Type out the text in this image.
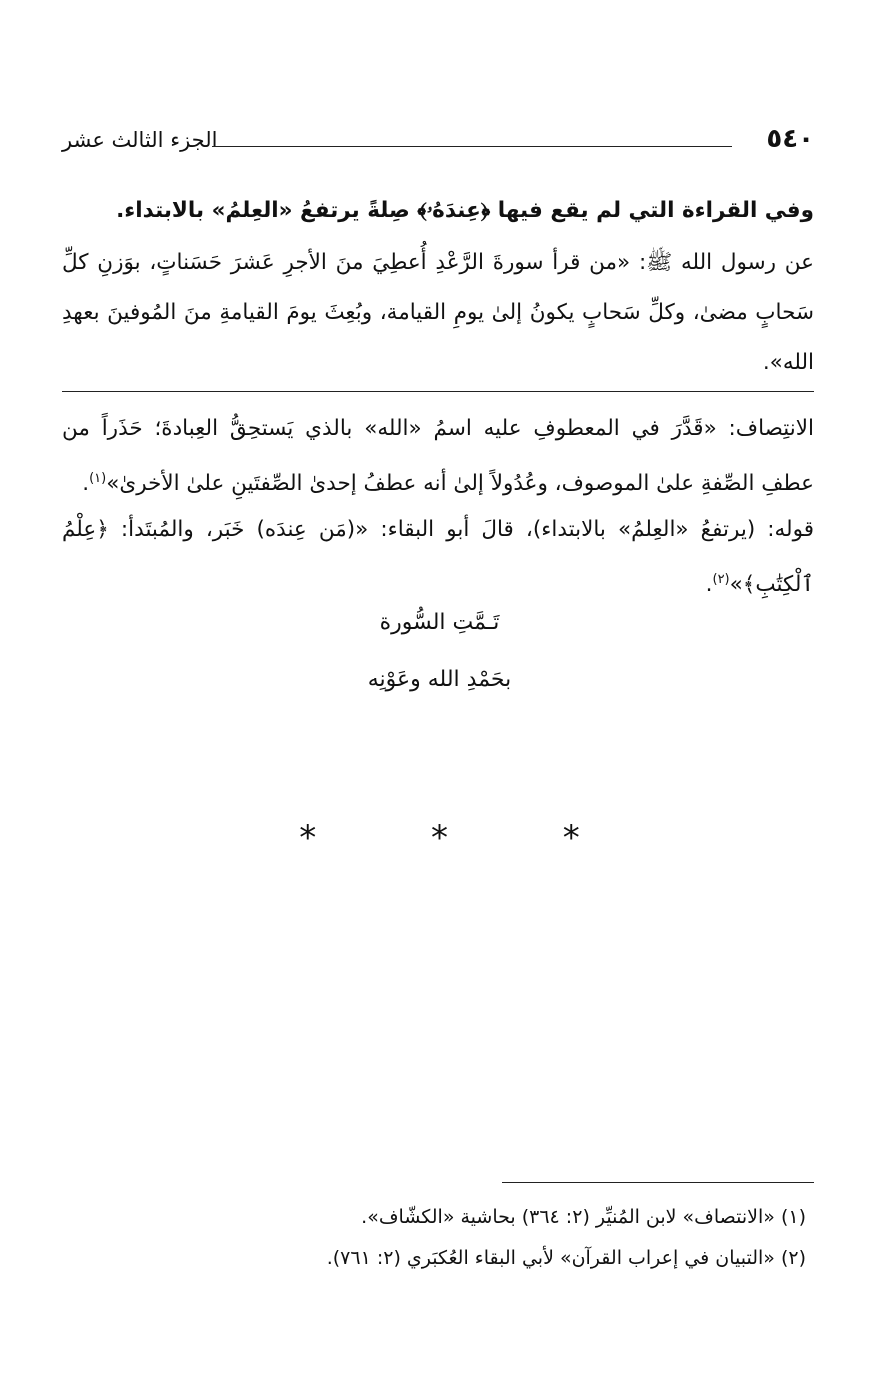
الجزء الثالث عشر	٥٤٠

وفي القراءة التي لم يقع فيها ﴿عِندَهُۥ﴾ صِلةً يرتفعُ «العِلمُ» بالابتداء.

عن رسول الله ﷺ: «من قرأ سورةَ الرَّعْدِ أُعطِيَ منَ الأجرِ عَشرَ حَسَناتٍ، بوَزنِ كلِّ سَحابٍ مضىٰ، وكلِّ سَحابٍ يكونُ إلىٰ يومِ القيامة، وبُعِثَ يومَ القيامةِ منَ المُوفينَ بعهدِ الله».

الانتِصاف: «قَدَّرَ في المعطوفِ عليه اسمُ «الله» بالذي يَستحِقُّ العِبادةَ؛ حَذَراً من عطفِ الصِّفةِ علىٰ الموصوف، وعُدُولاً إلىٰ أنه عطفُ إحدىٰ الصِّفتَينِ علىٰ الأخرىٰ»$^{(١)}$.

قوله: (يرتفعُ «العِلمُ» بالابتداء)، قالَ أبو البقاء: «(مَن عِندَه) خَبَر، والمُبتَدأ: ﴿عِلْمُ ٱلْكِتَٰبِ﴾»$^{(٢)}$.

تَـمَّتِ السُّورة
بحَمْدِ الله وعَوْنِه
* * *
(١) «الانتصاف» لابن المُنيِّر (٢: ٣٦٤) بحاشية «الكشّاف».
(٢) «التبيان في إعراب القرآن» لأبي البقاء العُكبَري (٢: ٧٦١).
